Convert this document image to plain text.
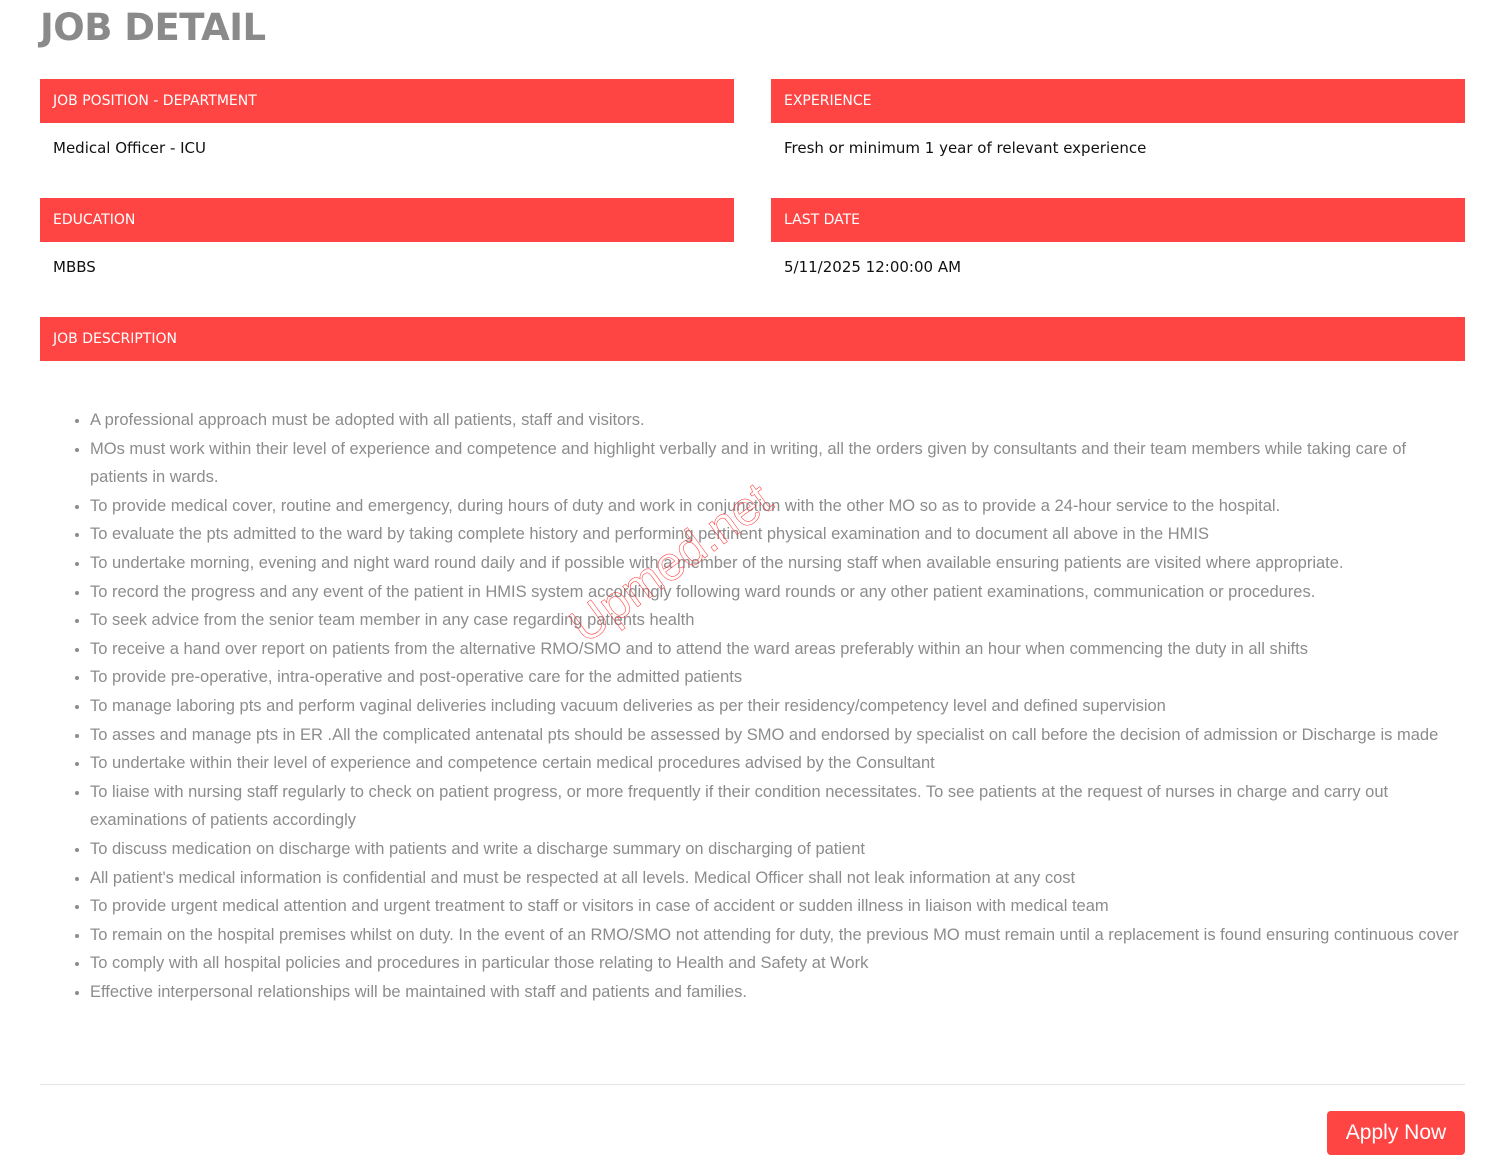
JOB DETAIL
JOB POSITION - DEPARTMENT
Medical Officer - ICU
EXPERIENCE
Fresh or minimum 1 year of relevant experience
EDUCATION
MBBS
LAST DATE
5/11/2025 12:00:00 AM
JOB DESCRIPTION
• A professional approach must be adopted with all patients, staff and visitors.
• MOs must work within their level of experience and competence and highlight verbally and in writing, all the orders given by consultants and their team members while taking care of patients in wards.
• To provide medical cover, routine and emergency, during hours of duty and work in conjunction with the other MO so as to provide a 24-hour service to the hospital.
• To evaluate the pts admitted to the ward by taking complete history and performing pertinent physical examination and to document all above in the HMIS
• To undertake morning, evening and night ward round daily and if possible with a member of the nursing staff when available ensuring patients are visited where appropriate.
• To record the progress and any event of the patient in HMIS system accordingly following ward rounds or any other patient examinations, communication or procedures.
• To seek advice from the senior team member in any case regarding patients health
• To receive a hand over report on patients from the alternative RMO/SMO and to attend the ward areas preferably within an hour when commencing the duty in all shifts
• To provide pre-operative, intra-operative and post-operative care for the admitted patients
• To manage laboring pts and perform vaginal deliveries including vacuum deliveries as per their residency/competency level and defined supervision
• To asses and manage pts in ER .All the complicated antenatal pts should be assessed by SMO and endorsed by specialist on call before the decision of admission or Discharge is made
• To undertake within their level of experience and competence certain medical procedures advised by the Consultant
• To liaise with nursing staff regularly to check on patient progress, or more frequently if their condition necessitates. To see patients at the request of nurses in charge and carry out examinations of patients accordingly
• To discuss medication on discharge with patients and write a discharge summary on discharging of patient
• All patient's medical information is confidential and must be respected at all levels. Medical Officer shall not leak information at any cost
• To provide urgent medical attention and urgent treatment to staff or visitors in case of accident or sudden illness in liaison with medical team
• To remain on the hospital premises whilst on duty. In the event of an RMO/SMO not attending for duty, the previous MO must remain until a replacement is found ensuring continuous cover
• To comply with all hospital policies and procedures in particular those relating to Health and Safety at Work
• Effective interpersonal relationships will be maintained with staff and patients and families.
Apply Now
Upmed.net
